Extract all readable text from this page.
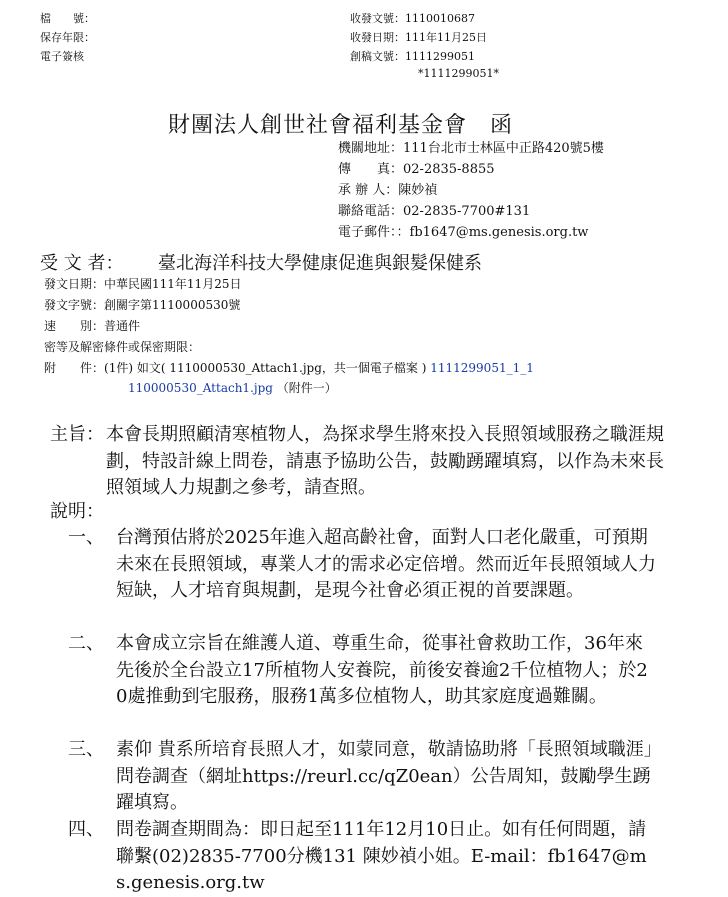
檔　　號：
保存年限：
電子簽核
收發文號：1110010687
收發日期：111年11月25日
創稿文號：1111299051
*1111299051*
財團法人創世社會福利基金會　函
機關地址：111台北市士林區中正路420號5樓
傳　　真：02-2835-8855
承 辦 人：陳妙禎
聯絡電話：02-2835-7700#131
電子郵件：：fb1647@ms.genesis.org.tw
受 文 者： 臺北海洋科技大學健康促進與銀髮保健系
發文日期：中華民國111年11月25日
發文字號：創關字第1110000530號
速　　別：普通件
密等及解密條件或保密期限：
附　　件：(1件) 如文( 1110000530_Attach1.jpg，共一個電子檔案 ) 1111299051_1_1
110000530_Attach1.jpg （附件一）
主旨： 本會長期照顧清寒植物人，為探求學生將來投入長照領域服務之職涯規劃，特設計線上問卷，請惠予協助公告，鼓勵踴躍填寫，以作為未來長照領域人力規劃之參考，請查照。
說明：
一、 台灣預估將於2025年進入超高齡社會，面對人口老化嚴重，可預期未來在長照領域，專業人才的需求必定倍增。然而近年長照領域人力短缺，人才培育與規劃，是現今社會必須正視的首要課題。
二、 本會成立宗旨在維護人道、尊重生命，從事社會救助工作，36年來先後於全台設立17所植物人安養院，前後安養逾2千位植物人；於20處推動到宅服務，服務1萬多位植物人，助其家庭度過難關。
三、 素仰 貴系所培育長照人才，如蒙同意，敬請協助將「長照領域職涯」問卷調查（網址https://reurl.cc/qZ0ean）公告周知，鼓勵學生踴躍填寫。
四、 問卷調查期間為：即日起至111年12月10日止。如有任何問題，請聯繫(02)2835-7700分機131 陳妙禎小姐。E-mail：fb1647@ms.genesis.org.tw
